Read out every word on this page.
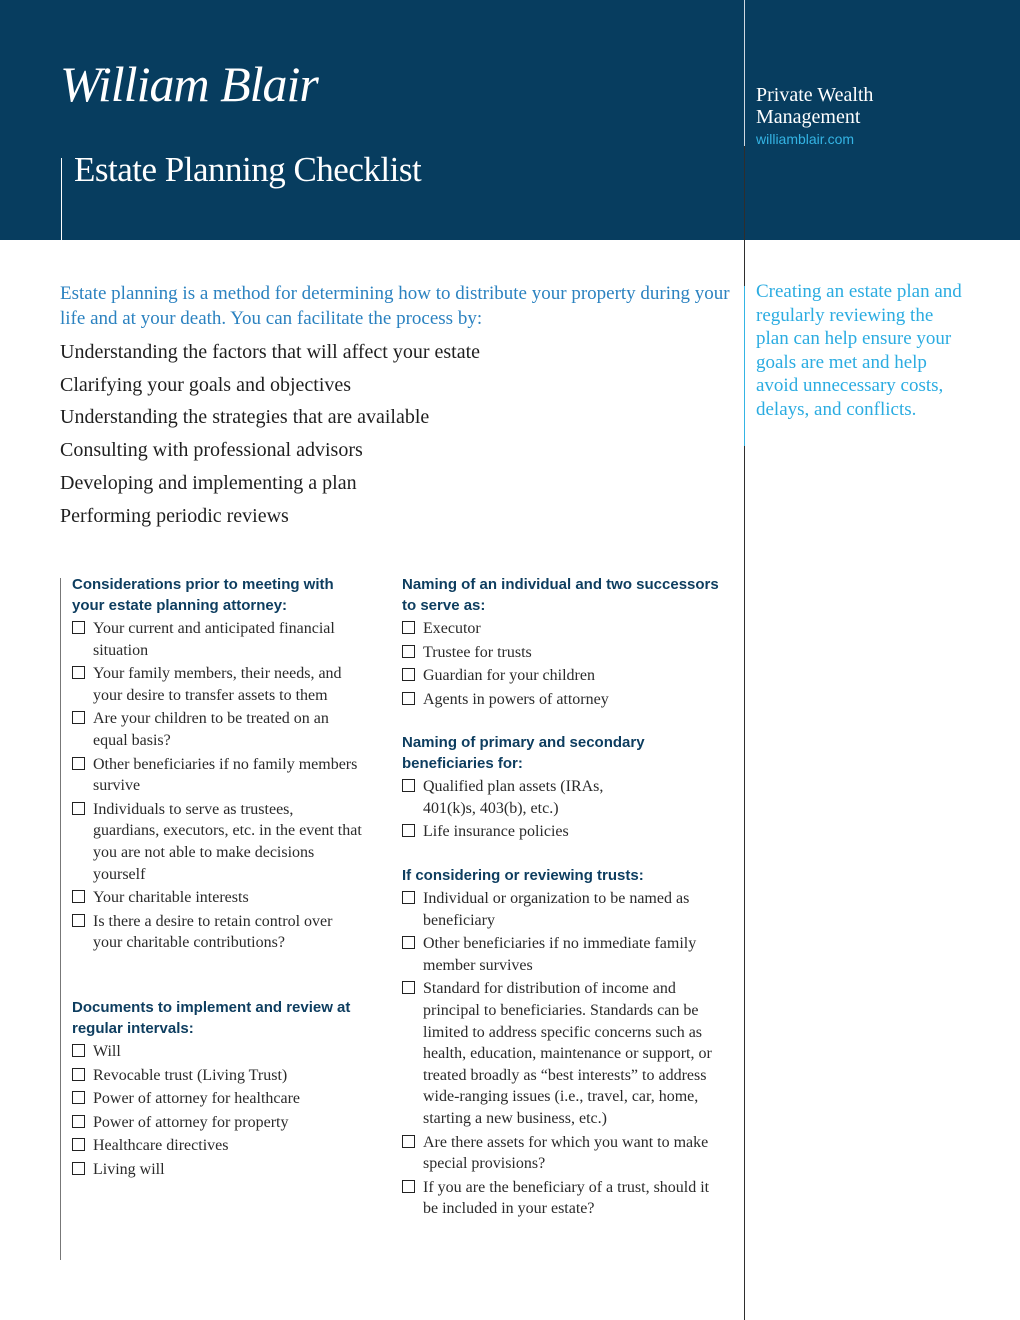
William Blair
Estate Planning Checklist
Private Wealth
Management
williamblair.com
Estate planning is a method for determining how to distribute your property during your life and at your death. You can facilitate the process by:
Understanding the factors that will affect your estate
Clarifying your goals and objectives
Understanding the strategies that are available
Consulting with professional advisors
Developing and implementing a plan
Performing periodic reviews
Creating an estate plan and regularly reviewing the plan can help ensure your goals are met and help avoid unnecessary costs, delays, and conflicts.
Considerations prior to meeting with your estate planning attorney:
Your current and anticipated financial situation
Your family members, their needs, and your desire to transfer assets to them
Are your children to be treated on an equal basis?
Other beneficiaries if no family members survive
Individuals to serve as trustees, guardians, executors, etc. in the event that you are not able to make decisions yourself
Your charitable interests
Is there a desire to retain control over your charitable contributions?
Documents to implement and review at regular intervals:
Will
Revocable trust (Living Trust)
Power of attorney for healthcare
Power of attorney for property
Healthcare directives
Living will
Naming of an individual and two successors to serve as:
Executor
Trustee for trusts
Guardian for your children
Agents in powers of attorney
Naming of primary and secondary beneficiaries for:
Qualified plan assets (IRAs, 401(k)s, 403(b), etc.)
Life insurance policies
If considering or reviewing trusts:
Individual or organization to be named as beneficiary
Other beneficiaries if no immediate family member survives
Standard for distribution of income and principal to beneficiaries. Standards can be limited to address specific concerns such as health, education, maintenance or support, or treated broadly as “best interests” to address wide-ranging issues (i.e., travel, car, home, starting a new business, etc.)
Are there assets for which you want to make special provisions?
If you are the beneficiary of a trust, should it be included in your estate?
